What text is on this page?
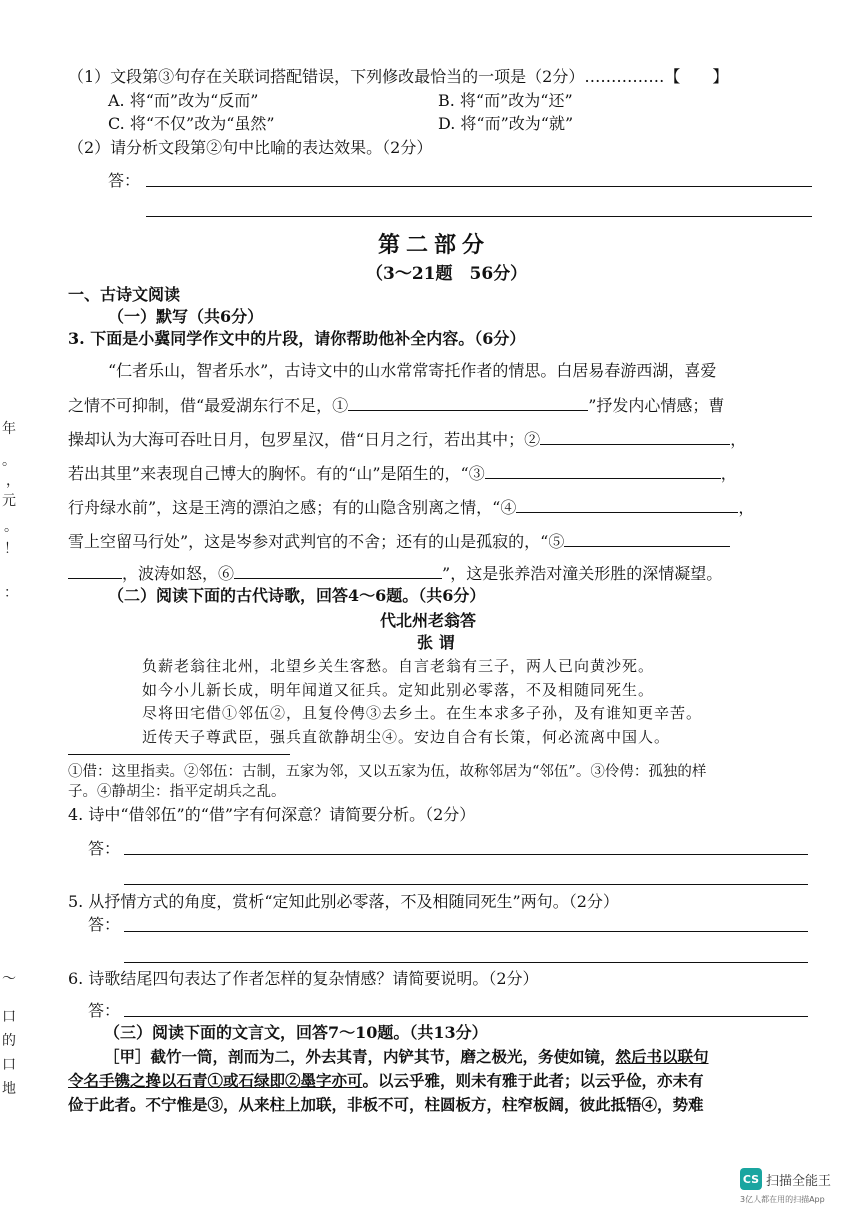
（1）文段第③句存在关联词搭配错误，下列修改最恰当的一项是（2分）……………【　　】
A. 将“而”改为“反而”	B. 将“而”改为“还”
C. 将“不仅”改为“虽然”	D. 将“而”改为“就”
（2）请分析文段第②句中比喻的表达效果。（2分）
答：
第二部分
（3～21题　56分）
一、古诗文阅读
（一）默写（共6分）
3. 下面是小冀同学作文中的片段，请你帮助他补全内容。（6分）
“仁者乐山，智者乐水”，古诗文中的山水常常寄托作者的情思。白居易春游西湖，喜爱
之情不可抑制，借“最爱湖东行不足，①	”抒发内心情感；曹
操却认为大海可吞吐日月，包罗星汉，借“日月之行，若出其中；②	，
若出其里”来表现自己博大的胸怀。有的“山”是陌生的，“③	，
行舟绿水前”，这是王湾的漂泊之感；有的山隐含别离之情，“④	，
雪上空留马行处”，这是岑参对武判官的不舍；还有的山是孤寂的，“⑤
，波涛如怒，⑥	”，这是张养浩对潼关形胜的深情凝望。
（二）阅读下面的古代诗歌，回答4～6题。（共6分）
代北州老翁答
张 谓
负薪老翁往北州，北望乡关生客愁。自言老翁有三子，两人已向黄沙死。
如今小儿新长成，明年闻道又征兵。定知此别必零落，不及相随同死生。
尽将田宅借①邻伍②，且复伶俜③去乡土。在生本求多子孙，及有谁知更辛苦。
近传天子尊武臣，强兵直欲静胡尘④。安边自合有长策，何必流离中国人。
①借：这里指卖。②邻伍：古制，五家为邻，又以五家为伍，故称邻居为“邻伍”。③伶俜：孤独的样
子。④静胡尘：指平定胡兵之乱。
4. 诗中“借邻伍”的“借”字有何深意？请简要分析。（2分）
答：
5. 从抒情方式的角度，赏析“定知此别必零落，不及相随同死生”两句。（2分）
答：
6. 诗歌结尾四句表达了作者怎样的复杂情感？请简要说明。（2分）
答：
（三）阅读下面的文言文，回答7～10题。（共13分）
［甲］截竹一筒，剖而为二，外去其青，内铲其节，磨之极光，务使如镜，然后书以联句
令名手镌之搀以石青①或石绿即②墨字亦可。以云乎雅，则未有雅于此者；以云乎俭，亦未有
俭于此者。不宁惟是③，从来柱上加联，非板不可，柱圆板方，柱窄板阔，彼此抵牾④，势难
年
。
，
元
。
！
：
～
口
的
口
地
CS 扫描全能王
3亿人都在用的扫描App
